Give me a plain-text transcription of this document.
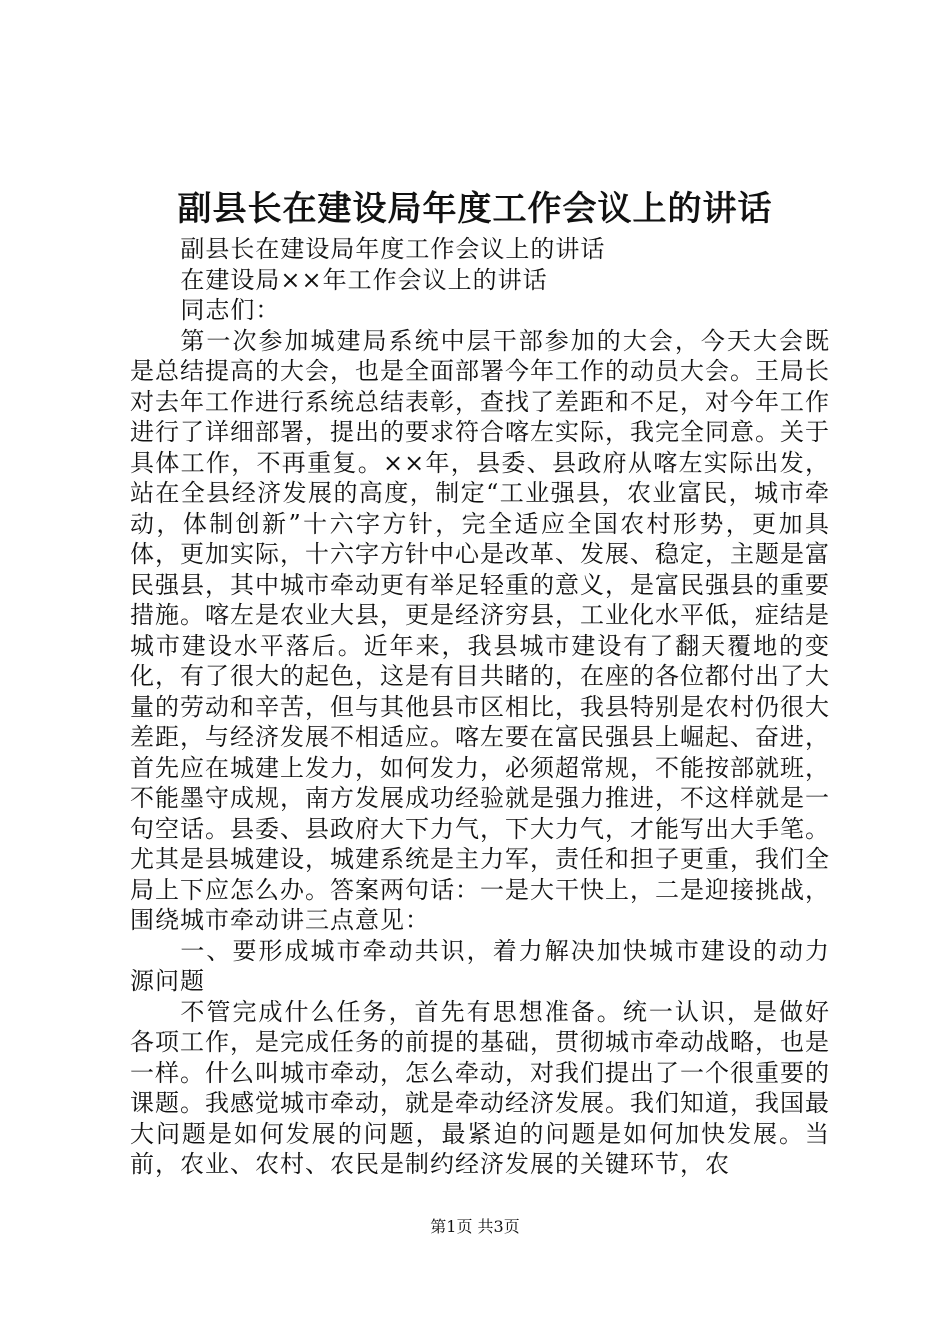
副县长在建设局年度工作会议上的讲话

副县长在建设局年度工作会议上的讲话

在建设局××年工作会议上的讲话

同志们：

第一次参加城建局系统中层干部参加的大会，今天大会既是总结提高的大会，也是全面部署今年工作的动员大会。王局长对去年工作进行系统总结表彰，查找了差距和不足，对今年工作进行了详细部署，提出的要求符合喀左实际，我完全同意。关于具体工作，不再重复。××年，县委、县政府从喀左实际出发，站在全县经济发展的高度，制定“工业强县，农业富民，城市牵动，体制创新”十六字方针，完全适应全国农村形势，更加具体，更加实际，十六字方针中心是改革、发展、稳定，主题是富民强县，其中城市牵动更有举足轻重的意义，是富民强县的重要措施。喀左是农业大县，更是经济穷县，工业化水平低，症结是城市建设水平落后。近年来，我县城市建设有了翻天覆地的变化，有了很大的起色，这是有目共睹的，在座的各位都付出了大量的劳动和辛苦，但与其他县市区相比，我县特别是农村仍很大差距，与经济发展不相适应。喀左要在富民强县上崛起、奋进，首先应在城建上发力，如何发力，必须超常规，不能按部就班，不能墨守成规，南方发展成功经验就是强力推进，不这样就是一句空话。县委、县政府大下力气，下大力气，才能写出大手笔。尤其是县城建设，城建系统是主力军，责任和担子更重，我们全局上下应怎么办。答案两句话：一是大干快上，二是迎接挑战，围绕城市牵动讲三点意见：

一、要形成城市牵动共识，着力解决加快城市建设的动力源问题

不管完成什么任务，首先有思想准备。统一认识，是做好各项工作，是完成任务的前提的基础，贯彻城市牵动战略，也是一样。什么叫城市牵动，怎么牵动，对我们提出了一个很重要的课题。我感觉城市牵动，就是牵动经济发展。我们知道，我国最大问题是如何发展的问题，最紧迫的问题是如何加快发展。当前，农业、农村、农民是制约经济发展的关键环节，农

第1页 共3页
